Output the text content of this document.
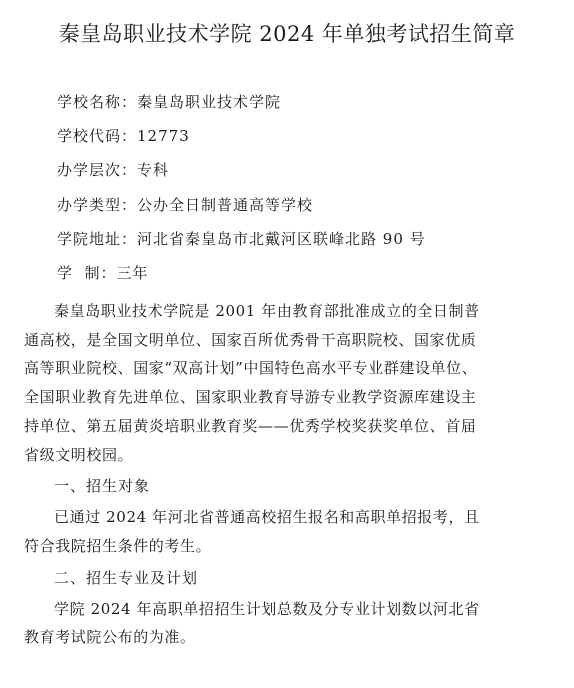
秦皇岛职业技术学院 2024 年单独考试招生简章
学校名称：秦皇岛职业技术学院
学校代码：12773
办学层次：专科
办学类型：公办全日制普通高等学校
学院地址：河北省秦皇岛市北戴河区联峰北路 90 号
学  制：三年

秦皇岛职业技术学院是 2001 年由教育部批准成立的全日制普
通高校，是全国文明单位、国家百所优秀骨干高职院校、国家优质
高等职业院校、国家“双高计划”中国特色高水平专业群建设单位、
全国职业教育先进单位、国家职业教育导游专业教学资源库建设主
持单位、第五届黄炎培职业教育奖——优秀学校奖获奖单位、首届
省级文明校园。

一、招生对象

已通过 2024 年河北省普通高校招生报名和高职单招报考，且
符合我院招生条件的考生。

二、招生专业及计划

学院 2024 年高职单招招生计划总数及分专业计划数以河北省
教育考试院公布的为准。
